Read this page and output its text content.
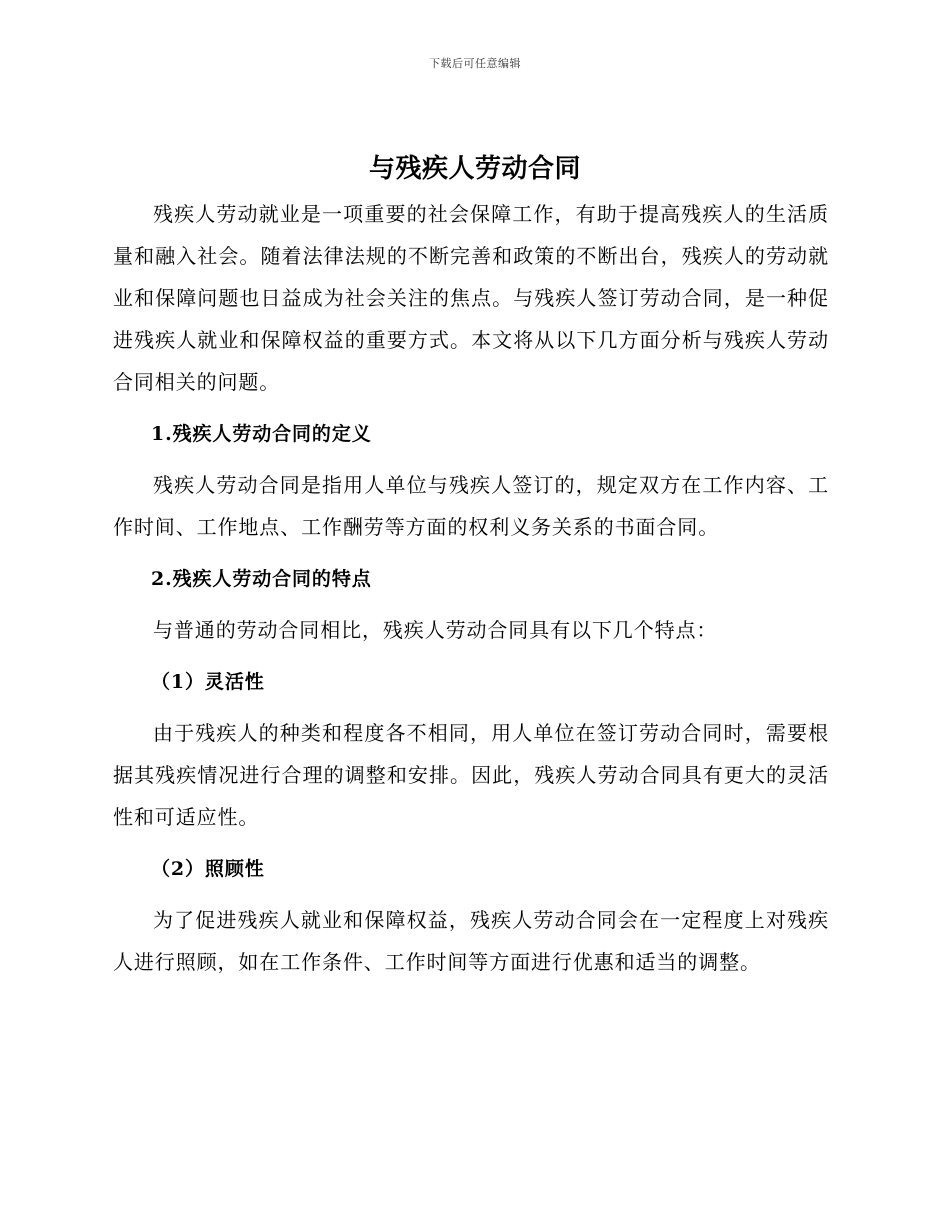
下载后可任意编辑
与残疾人劳动合同

残疾人劳动就业是一项重要的社会保障工作，有助于提高残疾人的生活质量和融入社会。随着法律法规的不断完善和政策的不断出台，残疾人的劳动就业和保障问题也日益成为社会关注的焦点。与残疾人签订劳动合同，是一种促进残疾人就业和保障权益的重要方式。本文将从以下几方面分析与残疾人劳动合同相关的问题。

1.残疾人劳动合同的定义

残疾人劳动合同是指用人单位与残疾人签订的，规定双方在工作内容、工作时间、工作地点、工作酬劳等方面的权利义务关系的书面合同。

2.残疾人劳动合同的特点

与普通的劳动合同相比，残疾人劳动合同具有以下几个特点：

（1）灵活性

由于残疾人的种类和程度各不相同，用人单位在签订劳动合同时，需要根据其残疾情况进行合理的调整和安排。因此，残疾人劳动合同具有更大的灵活性和可适应性。

（2）照顾性

为了促进残疾人就业和保障权益，残疾人劳动合同会在一定程度上对残疾人进行照顾，如在工作条件、工作时间等方面进行优惠和适当的调整。
